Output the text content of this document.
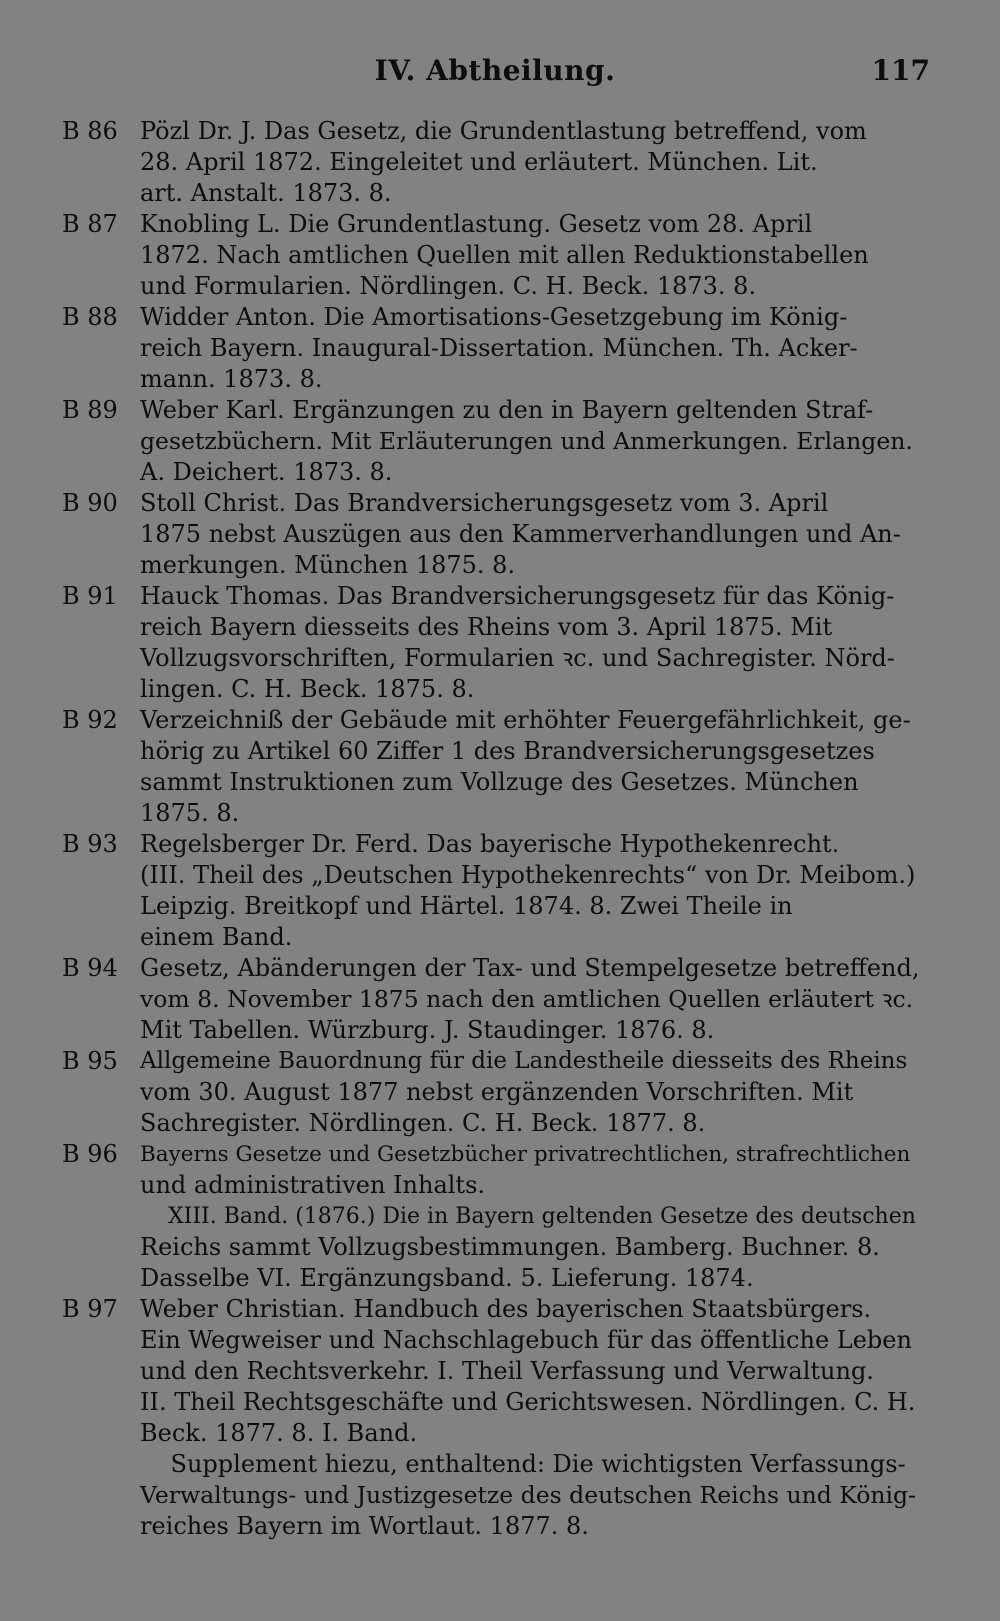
IV. Abtheilung.	117
B 86 Pözl Dr. J. Das Gesetz, die Grundentlastung betreffend, vom
28. April 1872. Eingeleitet und erläutert. München. Lit.
art. Anstalt. 1873. 8.
B 87 Knobling L. Die Grundentlastung. Gesetz vom 28. April
1872. Nach amtlichen Quellen mit allen Reduktionstabellen
und Formularien. Nördlingen. C. H. Beck. 1873. 8.
B 88 Widder Anton. Die Amortisations-Gesetzgebung im König-
reich Bayern. Inaugural-Dissertation. München. Th. Acker-
mann. 1873. 8.
B 89 Weber Karl. Ergänzungen zu den in Bayern geltenden Straf-
gesetzbüchern. Mit Erläuterungen und Anmerkungen. Erlangen.
A. Deichert. 1873. 8.
B 90 Stoll Christ. Das Brandversicherungsgesetz vom 3. April
1875 nebst Auszügen aus den Kammerverhandlungen und An-
merkungen. München 1875. 8.
B 91 Hauck Thomas. Das Brandversicherungsgesetz für das König-
reich Bayern diesseits des Rheins vom 3. April 1875. Mit
Vollzugsvorschriften, Formularien ꝛc. und Sachregister. Nörd-
lingen. C. H. Beck. 1875. 8.
B 92 Verzeichniß der Gebäude mit erhöhter Feuergefährlichkeit, ge-
hörig zu Artikel 60 Ziffer 1 des Brandversicherungsgesetzes
sammt Instruktionen zum Vollzuge des Gesetzes. München
1875. 8.
B 93 Regelsberger Dr. Ferd. Das bayerische Hypothekenrecht.
(III. Theil des „Deutschen Hypothekenrechts“ von Dr. Meibom.)
Leipzig. Breitkopf und Härtel. 1874. 8. Zwei Theile in
einem Band.
B 94 Gesetz, Abänderungen der Tax- und Stempelgesetze betreffend,
vom 8. November 1875 nach den amtlichen Quellen erläutert ꝛc.
Mit Tabellen. Würzburg. J. Staudinger. 1876. 8.
B 95 Allgemeine Bauordnung für die Landestheile diesseits des Rheins
vom 30. August 1877 nebst ergänzenden Vorschriften. Mit
Sachregister. Nördlingen. C. H. Beck. 1877. 8.
B 96 Bayerns Gesetze und Gesetzbücher privatrechtlichen, strafrechtlichen
und administrativen Inhalts.
XIII. Band. (1876.) Die in Bayern geltenden Gesetze des deutschen
Reichs sammt Vollzugsbestimmungen. Bamberg. Buchner. 8.
Dasselbe VI. Ergänzungsband. 5. Lieferung. 1874.
B 97 Weber Christian. Handbuch des bayerischen Staatsbürgers.
Ein Wegweiser und Nachschlagebuch für das öffentliche Leben
und den Rechtsverkehr. I. Theil Verfassung und Verwaltung.
II. Theil Rechtsgeschäfte und Gerichtswesen. Nördlingen. C. H.
Beck. 1877. 8. I. Band.
Supplement hiezu, enthaltend: Die wichtigsten Verfassungs-
Verwaltungs- und Justizgesetze des deutschen Reichs und König-
reiches Bayern im Wortlaut. 1877. 8.
